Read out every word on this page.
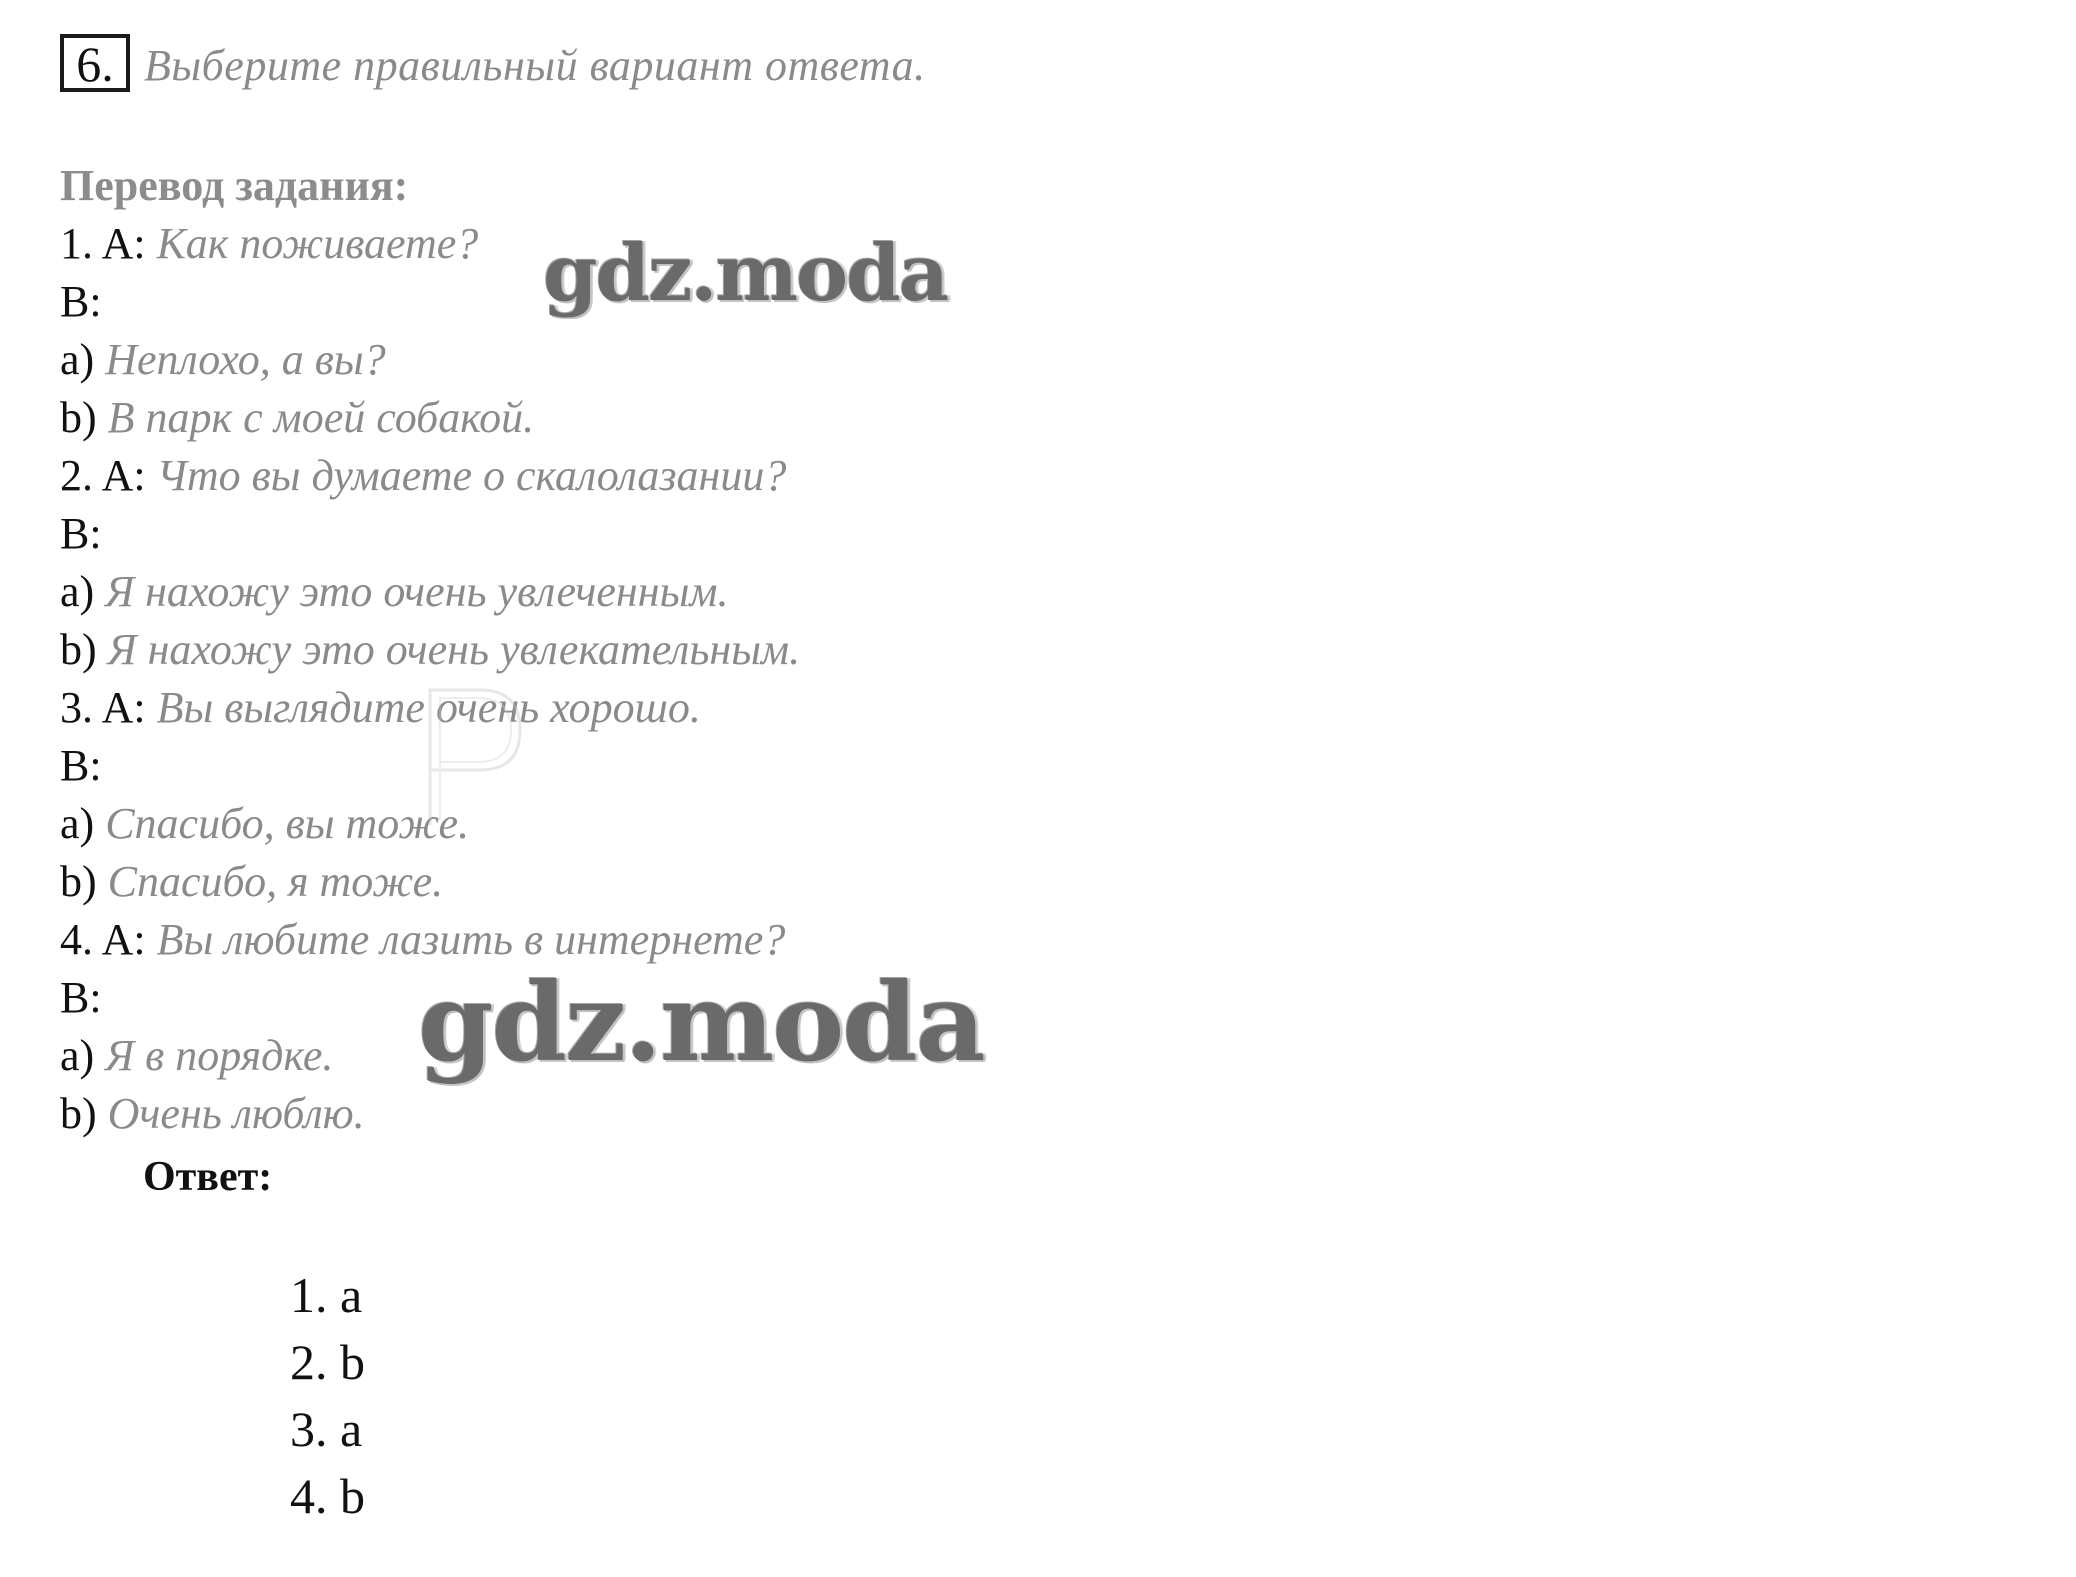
6. Выберите правильный вариант ответа.
Перевод задания:
1. A: Как поживаете?
B:
a) Неплохо, а вы?
b) В парк с моей собакой.
2. A: Что вы думаете о скалолазании?
B:
a) Я нахожу это очень увлеченным.
b) Я нахожу это очень увлекательным.
3. A: Вы выглядите очень хорошо.
B:
a) Спасибо, вы тоже.
b) Спасибо, я тоже.
4. A: Вы любите лазить в интернете?
B:
a) Я в порядке.
b) Очень люблю.
gdz.moda
gdz.moda
Ответ:
1. a
2. b
3. a
4. b
